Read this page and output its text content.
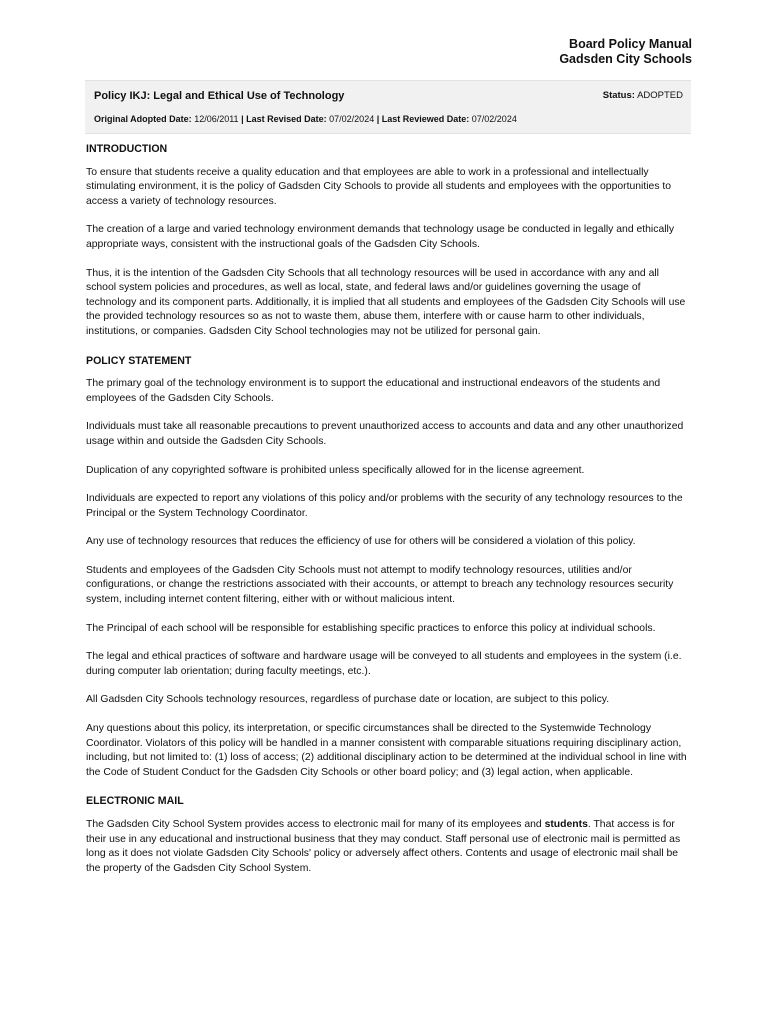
Board Policy Manual
Gadsden City Schools
Policy IKJ: Legal and Ethical Use of Technology	Status: ADOPTED
Original Adopted Date: 12/06/2011 | Last Revised Date: 07/02/2024 | Last Reviewed Date: 07/02/2024
INTRODUCTION

To ensure that students receive a quality education and that employees are able to work in a professional and intellectually stimulating environment, it is the policy of Gadsden City Schools to provide all students and employees with the opportunities to access a variety of technology resources.

The creation of a large and varied technology environment demands that technology usage be conducted in legally and ethically appropriate ways, consistent with the instructional goals of the Gadsden City Schools.

Thus, it is the intention of the Gadsden City Schools that all technology resources will be used in accordance with any and all school system policies and procedures, as well as local, state, and federal laws and/or guidelines governing the usage of technology and its component parts. Additionally, it is implied that all students and employees of the Gadsden City Schools will use the provided technology resources so as not to waste them, abuse them, interfere with or cause harm to other individuals, institutions, or companies. Gadsden City School technologies may not be utilized for personal gain.

POLICY STATEMENT

The primary goal of the technology environment is to support the educational and instructional endeavors of the students and employees of the Gadsden City Schools.

Individuals must take all reasonable precautions to prevent unauthorized access to accounts and data and any other unauthorized usage within and outside the Gadsden City Schools.

Duplication of any copyrighted software is prohibited unless specifically allowed for in the license agreement.

Individuals are expected to report any violations of this policy and/or problems with the security of any technology resources to the Principal or the System Technology Coordinator.

Any use of technology resources that reduces the efficiency of use for others will be considered a violation of this policy.

Students and employees of the Gadsden City Schools must not attempt to modify technology resources, utilities and/or configurations, or change the restrictions associated with their accounts, or attempt to breach any technology resources security system, including internet content filtering, either with or without malicious intent.

The Principal of each school will be responsible for establishing specific practices to enforce this policy at individual schools.

The legal and ethical practices of software and hardware usage will be conveyed to all students and employees in the system (i.e. during computer lab orientation; during faculty meetings, etc.).

All Gadsden City Schools technology resources, regardless of purchase date or location, are subject to this policy.

Any questions about this policy, its interpretation, or specific circumstances shall be directed to the Systemwide Technology Coordinator. Violators of this policy will be handled in a manner consistent with comparable situations requiring disciplinary action, including, but not limited to: (1) loss of access; (2) additional disciplinary action to be determined at the individual school in line with the Code of Student Conduct for the Gadsden City Schools or other board policy; and (3) legal action, when applicable.

ELECTRONIC MAIL

The Gadsden City School System provides access to electronic mail for many of its employees and students. That access is for their use in any educational and instructional business that they may conduct. Staff personal use of electronic mail is permitted as long as it does not violate Gadsden City Schools' policy or adversely affect others. Contents and usage of electronic mail shall be the property of the Gadsden City School System.
